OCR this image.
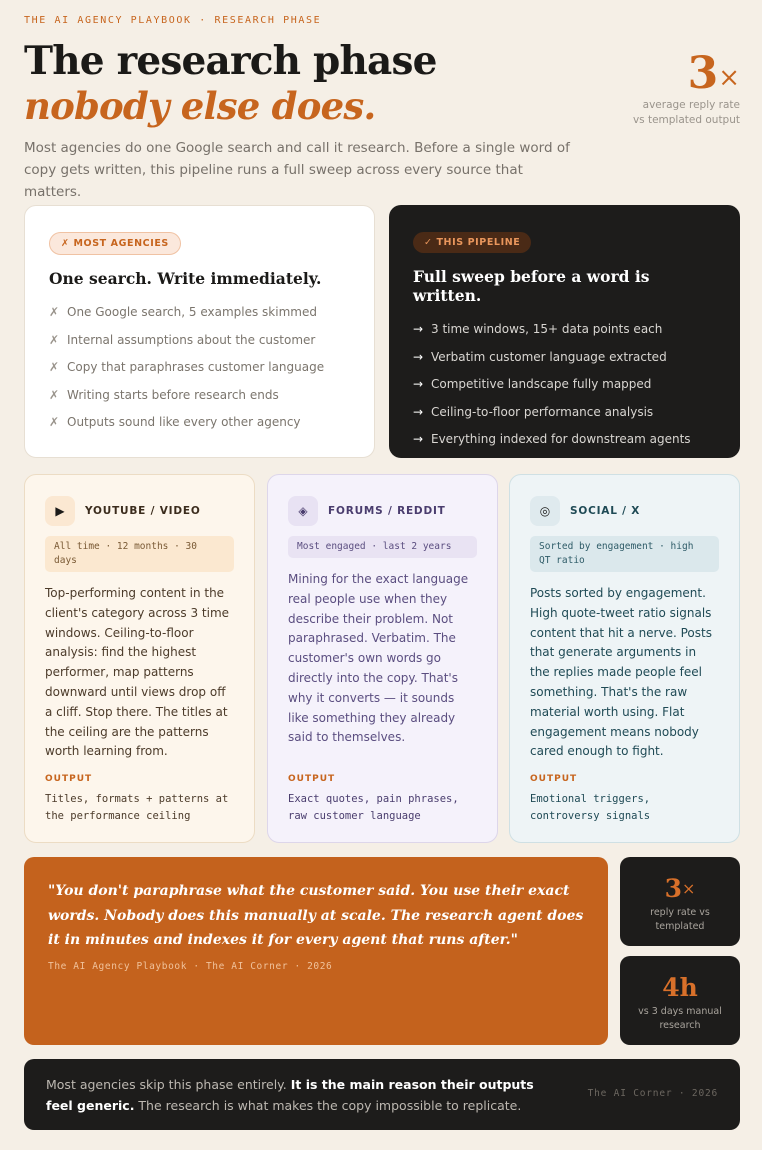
THE AI AGENCY PLAYBOOK · RESEARCH PHASE
The research phase
nobody else does.
Most agencies do one Google search and call it research. Before a single word of copy gets written, this pipeline runs a full sweep across every source that matters.
3×
average reply rate
vs templated output
✗ MOST AGENCIES
One search. Write immediately.
✗ One Google search, 5 examples skimmed
✗ Internal assumptions about the customer
✗ Copy that paraphrases customer language
✗ Writing starts before research ends
✗ Outputs sound like every other agency
✓ THIS PIPELINE
Full sweep before a word is written.
→ 3 time windows, 15+ data points each
→ Verbatim customer language extracted
→ Competitive landscape fully mapped
→ Ceiling-to-floor performance analysis
→ Everything indexed for downstream agents
▶	YOUTUBE / VIDEO
All time · 12 months · 30 days

Top-performing content in the client's category across 3 time windows. Ceiling-to-floor analysis: find the highest performer, map patterns downward until views drop off a cliff. Stop there. The titles at the ceiling are the patterns worth learning from.

OUTPUT
Titles, formats + patterns at the performance ceiling
◈	FORUMS / REDDIT
Most engaged · last 2 years

Mining for the exact language real people use when they describe their problem. Not paraphrased. Verbatim. The customer's own words go directly into the copy. That's why it converts — it sounds like something they already said to themselves.

OUTPUT
Exact quotes, pain phrases, raw customer language
◎	SOCIAL / X
Sorted by engagement · high QT ratio

Posts sorted by engagement. High quote-tweet ratio signals content that hit a nerve. Posts that generate arguments in the replies made people feel something. That's the raw material worth using. Flat engagement means nobody cared enough to fight.

OUTPUT
Emotional triggers, controversy signals
"You don't paraphrase what the customer said. You use their exact words. Nobody does this manually at scale. The research agent does it in minutes and indexes it for every agent that runs after."
The AI Agency Playbook · The AI Corner · 2026
3×
reply rate vs templated
4h
vs 3 days manual research
Most agencies skip this phase entirely. It is the main reason their outputs feel generic. The research is what makes the copy impossible to replicate.
The AI Corner · 2026
